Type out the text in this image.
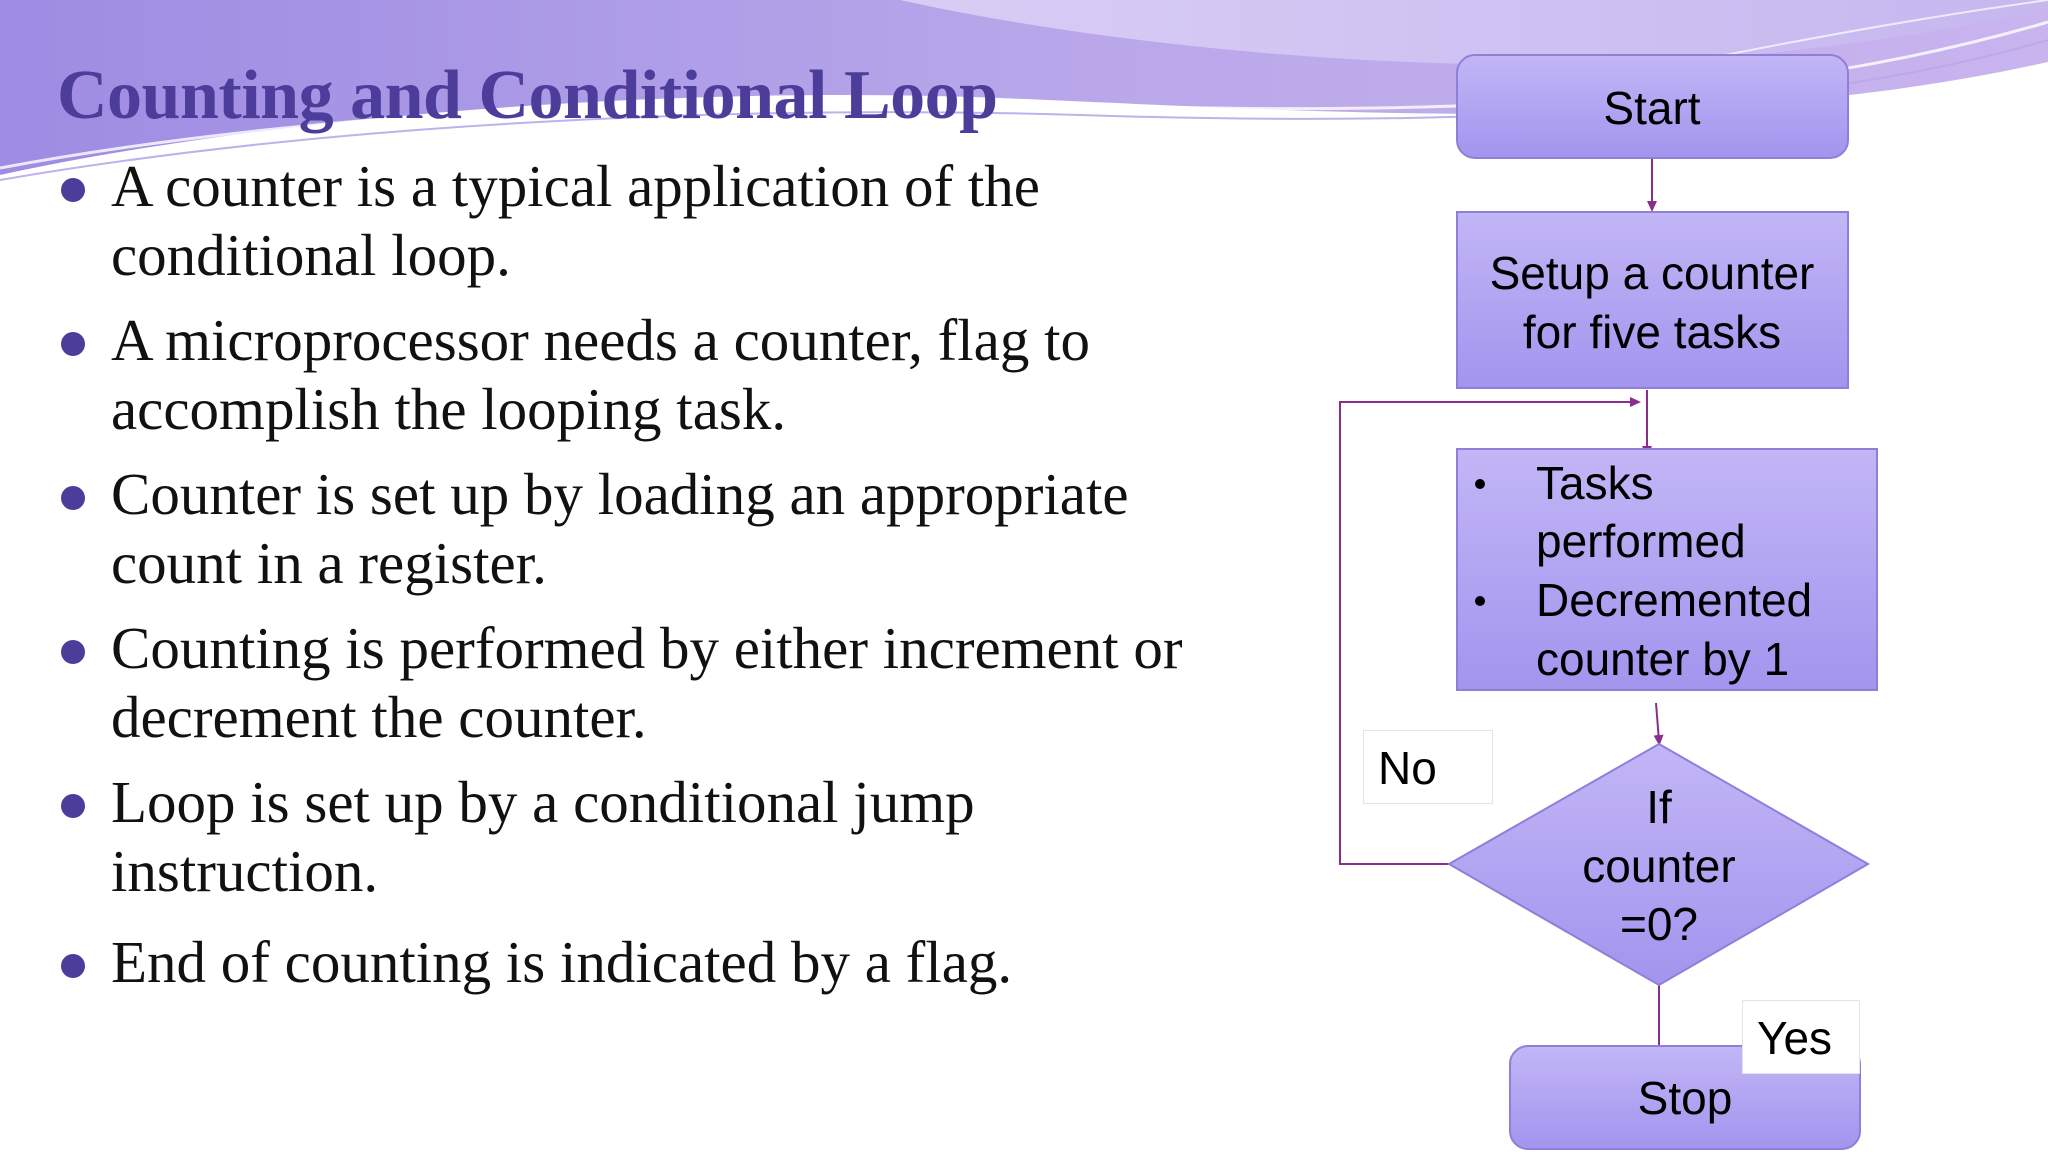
Counting and Conditional Loop
A counter is a typical application of the conditional loop.
A microprocessor needs a counter, flag to accomplish the looping task.
Counter is set up by loading an appropriate count in a register.
Counting is performed by either increment or decrement the counter.
Loop is set up by a conditional jump instruction.
End of counting is indicated by a flag.
Start
Setup a counter
for five tasks
Tasks
performed
Decremented
counter by 1
If
counter
=0?
Stop
No
Yes
